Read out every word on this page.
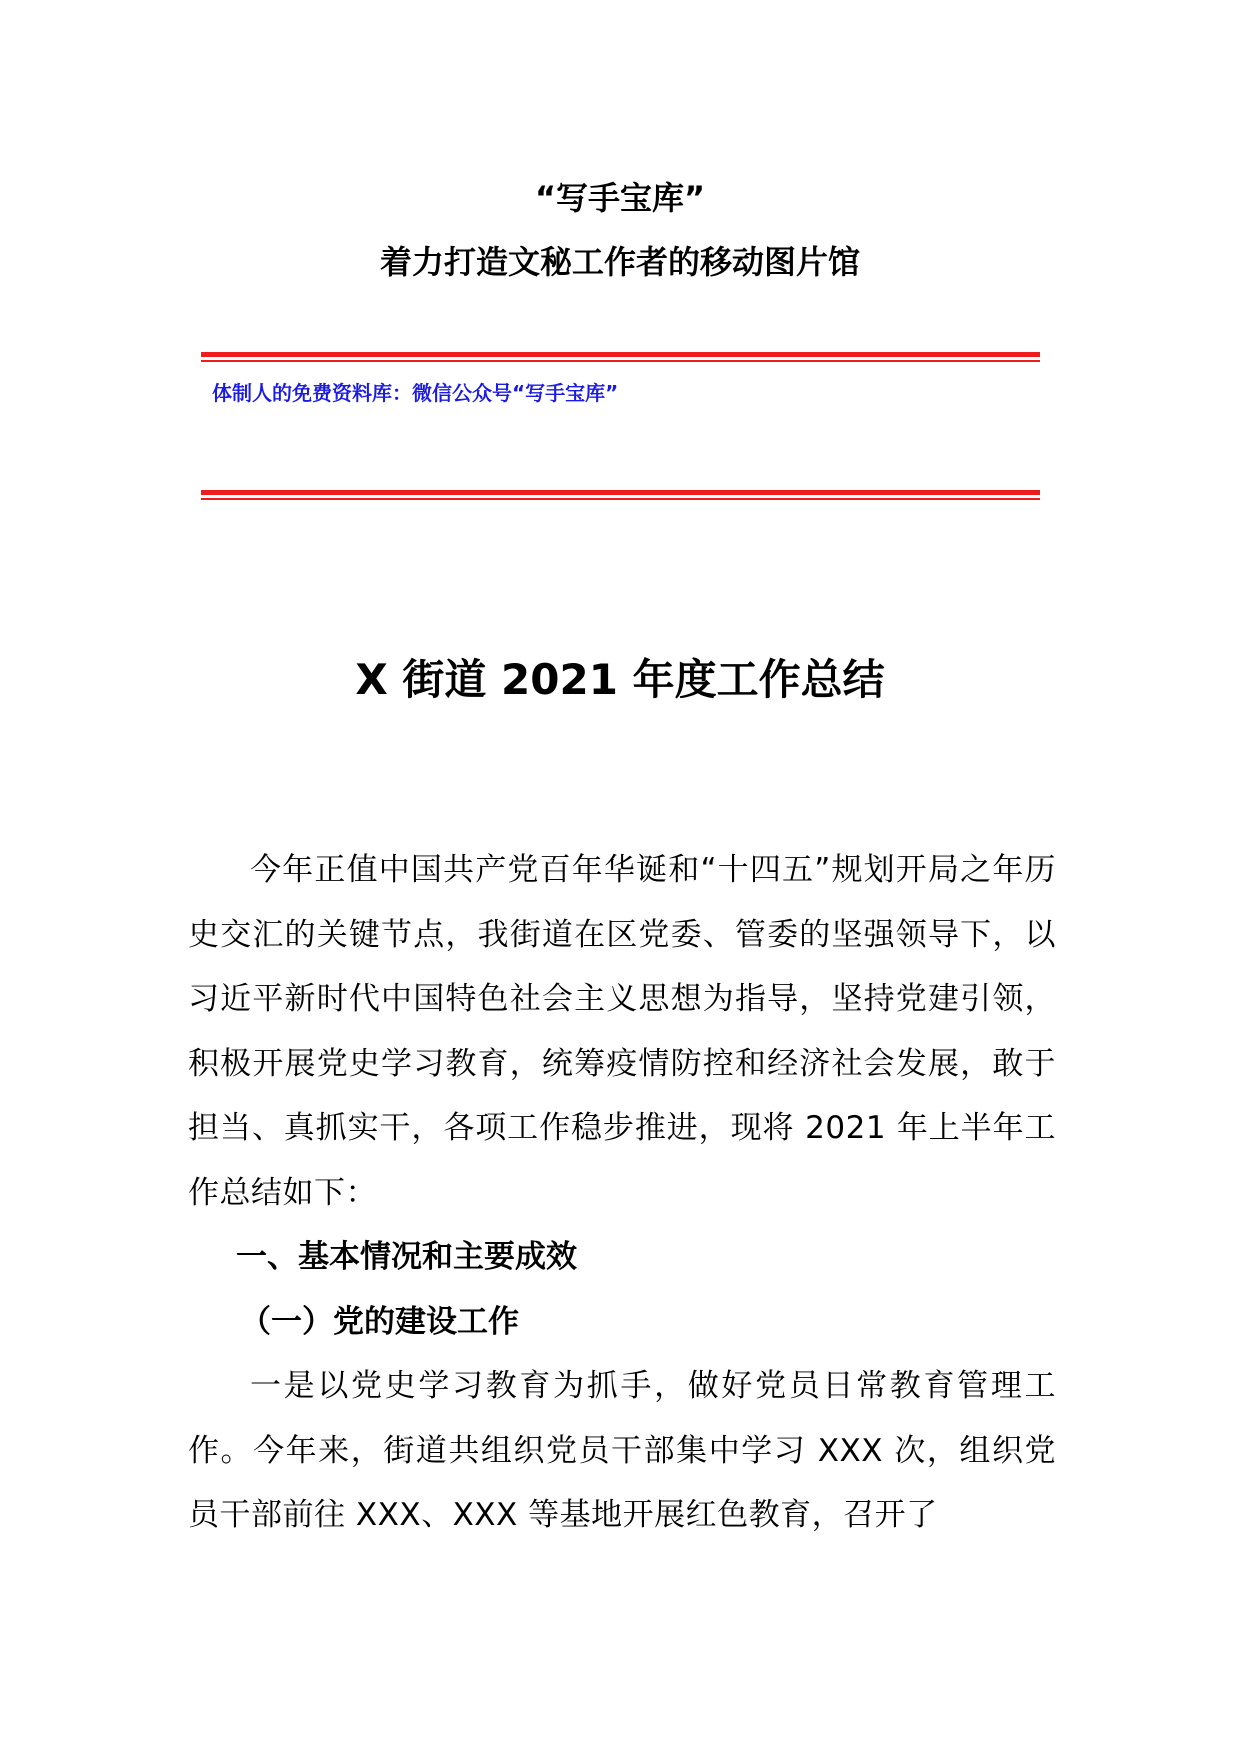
“写手宝库”
着力打造文秘工作者的移动图片馆
体制人的免费资料库：微信公众号“写手宝库”
X 街道 2021 年度工作总结

今年正值中国共产党百年华诞和“十四五”规划开局之年历史交汇的关键节点，我街道在区党委、管委的坚强领导下，以习近平新时代中国特色社会主义思想为指导，坚持党建引领，积极开展党史学习教育，统筹疫情防控和经济社会发展，敢于担当、真抓实干，各项工作稳步推进，现将 2021 年上半年工作总结如下：

一、基本情况和主要成效

（一）党的建设工作

一是以党史学习教育为抓手，做好党员日常教育管理工作。今年来，街道共组织党员干部集中学习 XXX 次，组织党员干部前往 XXX、XXX 等基地开展红色教育，召开了
